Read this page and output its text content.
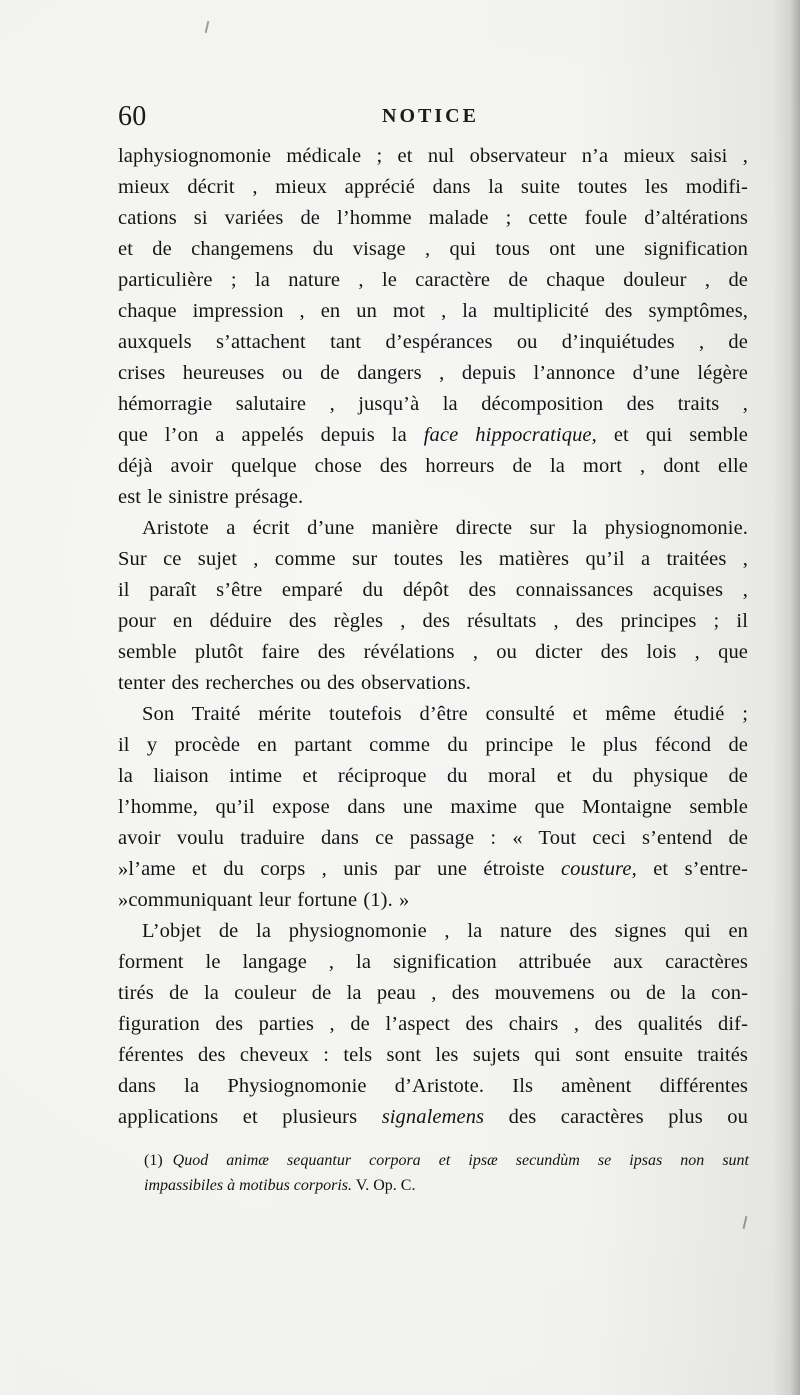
60	NOTICE
laphysiognomonie médicale ; et nul observateur n’a mieux saisi ,
mieux décrit , mieux apprécié dans la suite toutes les modifi-
cations si variées de l’homme malade ; cette foule d’altérations
et de changemens du visage , qui tous ont une signification
particulière ; la nature , le caractère de chaque douleur , de
chaque impression , en un mot , la multiplicité des symptômes,
auxquels s’attachent tant d’espérances ou d’inquiétudes , de
crises heureuses ou de dangers , depuis l’annonce d’une légère
hémorragie salutaire , jusqu’à la décomposition des traits ,
que l’on a appelés depuis la face hippocratique, et qui semble
déjà avoir quelque chose des horreurs de la mort , dont elle
est le sinistre présage.
Aristote a écrit d’une manière directe sur la physiognomonie.
Sur ce sujet , comme sur toutes les matières qu’il a traitées ,
il paraît s’être emparé du dépôt des connaissances acquises ,
pour en déduire des règles , des résultats , des principes ; il
semble plutôt faire des révélations , ou dicter des lois , que
tenter des recherches ou des observations.
Son Traité mérite toutefois d’être consulté et même étudié ;
il y procède en partant comme du principe le plus fécond de
la liaison intime et réciproque du moral et du physique de
l’homme, qu’il expose dans une maxime que Montaigne semble
avoir voulu traduire dans ce passage : « Tout ceci s’entend de
»l’ame et du corps , unis par une étroiste cousture, et s’entre-
»communiquant leur fortune (1). »
L’objet de la physiognomonie , la nature des signes qui en
forment le langage , la signification attribuée aux caractères
tirés de la couleur de la peau , des mouvemens ou de la con-
figuration des parties , de l’aspect des chairs , des qualités dif-
férentes des cheveux : tels sont les sujets qui sont ensuite traités
dans la Physiognomonie d’Aristote. Ils amènent différentes
applications et plusieurs signalemens des caractères plus ou
(1) Quod animæ sequantur corpora et ipsæ secundùm se ipsas non sunt
impassibiles à motibus corporis. V. Op. C.
